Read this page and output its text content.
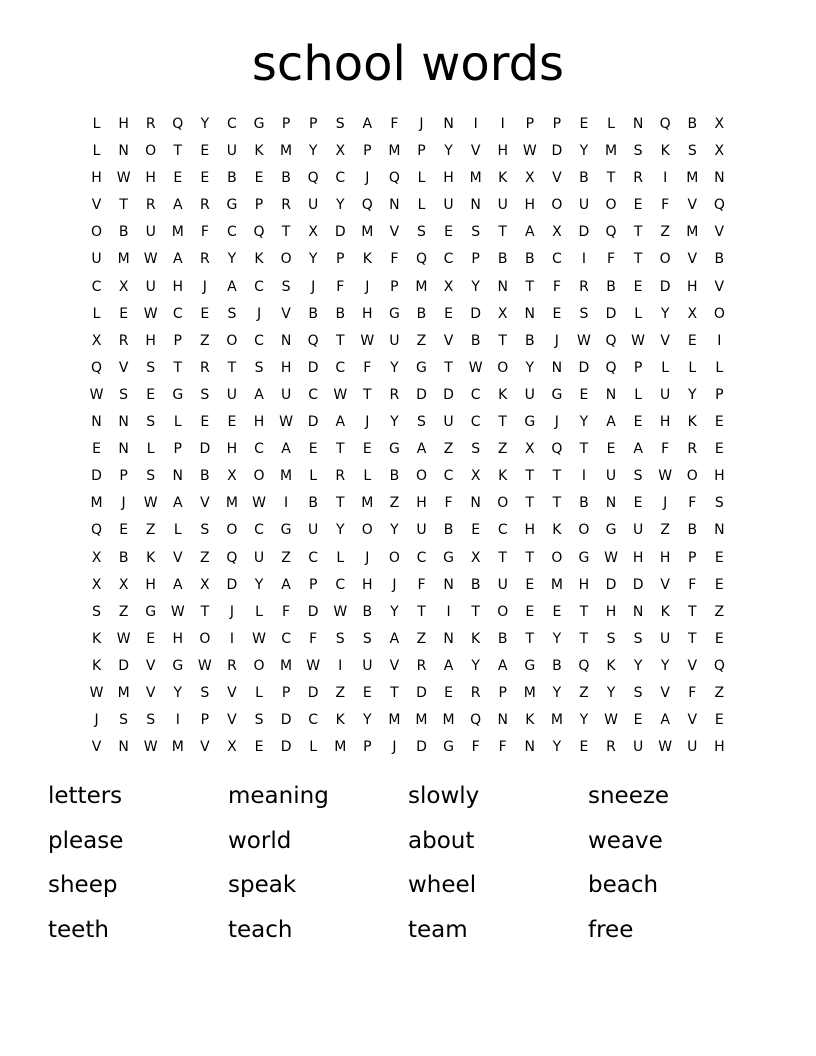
school words
L	H	R	Q	Y	C	G	P	P	S	A	F	J	N	I	I	P	P	E	L	N	Q	B	X
L	N	O	T	E	U	K	M	Y	X	P	M	P	Y	V	H	W	D	Y	M	S	K	S	X
H	W	H	E	E	B	E	B	Q	C	J	Q	L	H	M	K	X	V	B	T	R	I	M	N
V	T	R	A	R	G	P	R	U	Y	Q	N	L	U	N	U	H	O	U	O	E	F	V	Q
O	B	U	M	F	C	Q	T	X	D	M	V	S	E	S	T	A	X	D	Q	T	Z	M	V
U	M	W	A	R	Y	K	O	Y	P	K	F	Q	C	P	B	B	C	I	F	T	O	V	B
C	X	U	H	J	A	C	S	J	F	J	P	M	X	Y	N	T	F	R	B	E	D	H	V
L	E	W	C	E	S	J	V	B	B	H	G	B	E	D	X	N	E	S	D	L	Y	X	O
X	R	H	P	Z	O	C	N	Q	T	W	U	Z	V	B	T	B	J	W	Q	W	V	E	I
Q	V	S	T	R	T	S	H	D	C	F	Y	G	T	W	O	Y	N	D	Q	P	L	L	L
W	S	E	G	S	U	A	U	C	W	T	R	D	D	C	K	U	G	E	N	L	U	Y	P
N	N	S	L	E	E	H	W	D	A	J	Y	S	U	C	T	G	J	Y	A	E	H	K	E
E	N	L	P	D	H	C	A	E	T	E	G	A	Z	S	Z	X	Q	T	E	A	F	R	E
D	P	S	N	B	X	O	M	L	R	L	B	O	C	X	K	T	T	I	U	S	W	O	H
M	J	W	A	V	M	W	I	B	T	M	Z	H	F	N	O	T	T	B	N	E	J	F	S
Q	E	Z	L	S	O	C	G	U	Y	O	Y	U	B	E	C	H	K	O	G	U	Z	B	N
X	B	K	V	Z	Q	U	Z	C	L	J	O	C	G	X	T	T	O	G	W	H	H	P	E
X	X	H	A	X	D	Y	A	P	C	H	J	F	N	B	U	E	M	H	D	D	V	F	E
S	Z	G	W	T	J	L	F	D	W	B	Y	T	I	T	O	E	E	T	H	N	K	T	Z
K	W	E	H	O	I	W	C	F	S	S	A	Z	N	K	B	T	Y	T	S	S	U	T	E
K	D	V	G	W	R	O	M	W	I	U	V	R	A	Y	A	G	B	Q	K	Y	Y	V	Q
W	M	V	Y	S	V	L	P	D	Z	E	T	D	E	R	P	M	Y	Z	Y	S	V	F	Z
J	S	S	I	P	V	S	D	C	K	Y	M	M	M	Q	N	K	M	Y	W	E	A	V	E
V	N	W	M	V	X	E	D	L	M	P	J	D	G	F	F	N	Y	E	R	U	W	U	H
letters	meaning	slowly	sneeze
please	world	about	weave
sheep	speak	wheel	beach
teeth	teach	team	free
